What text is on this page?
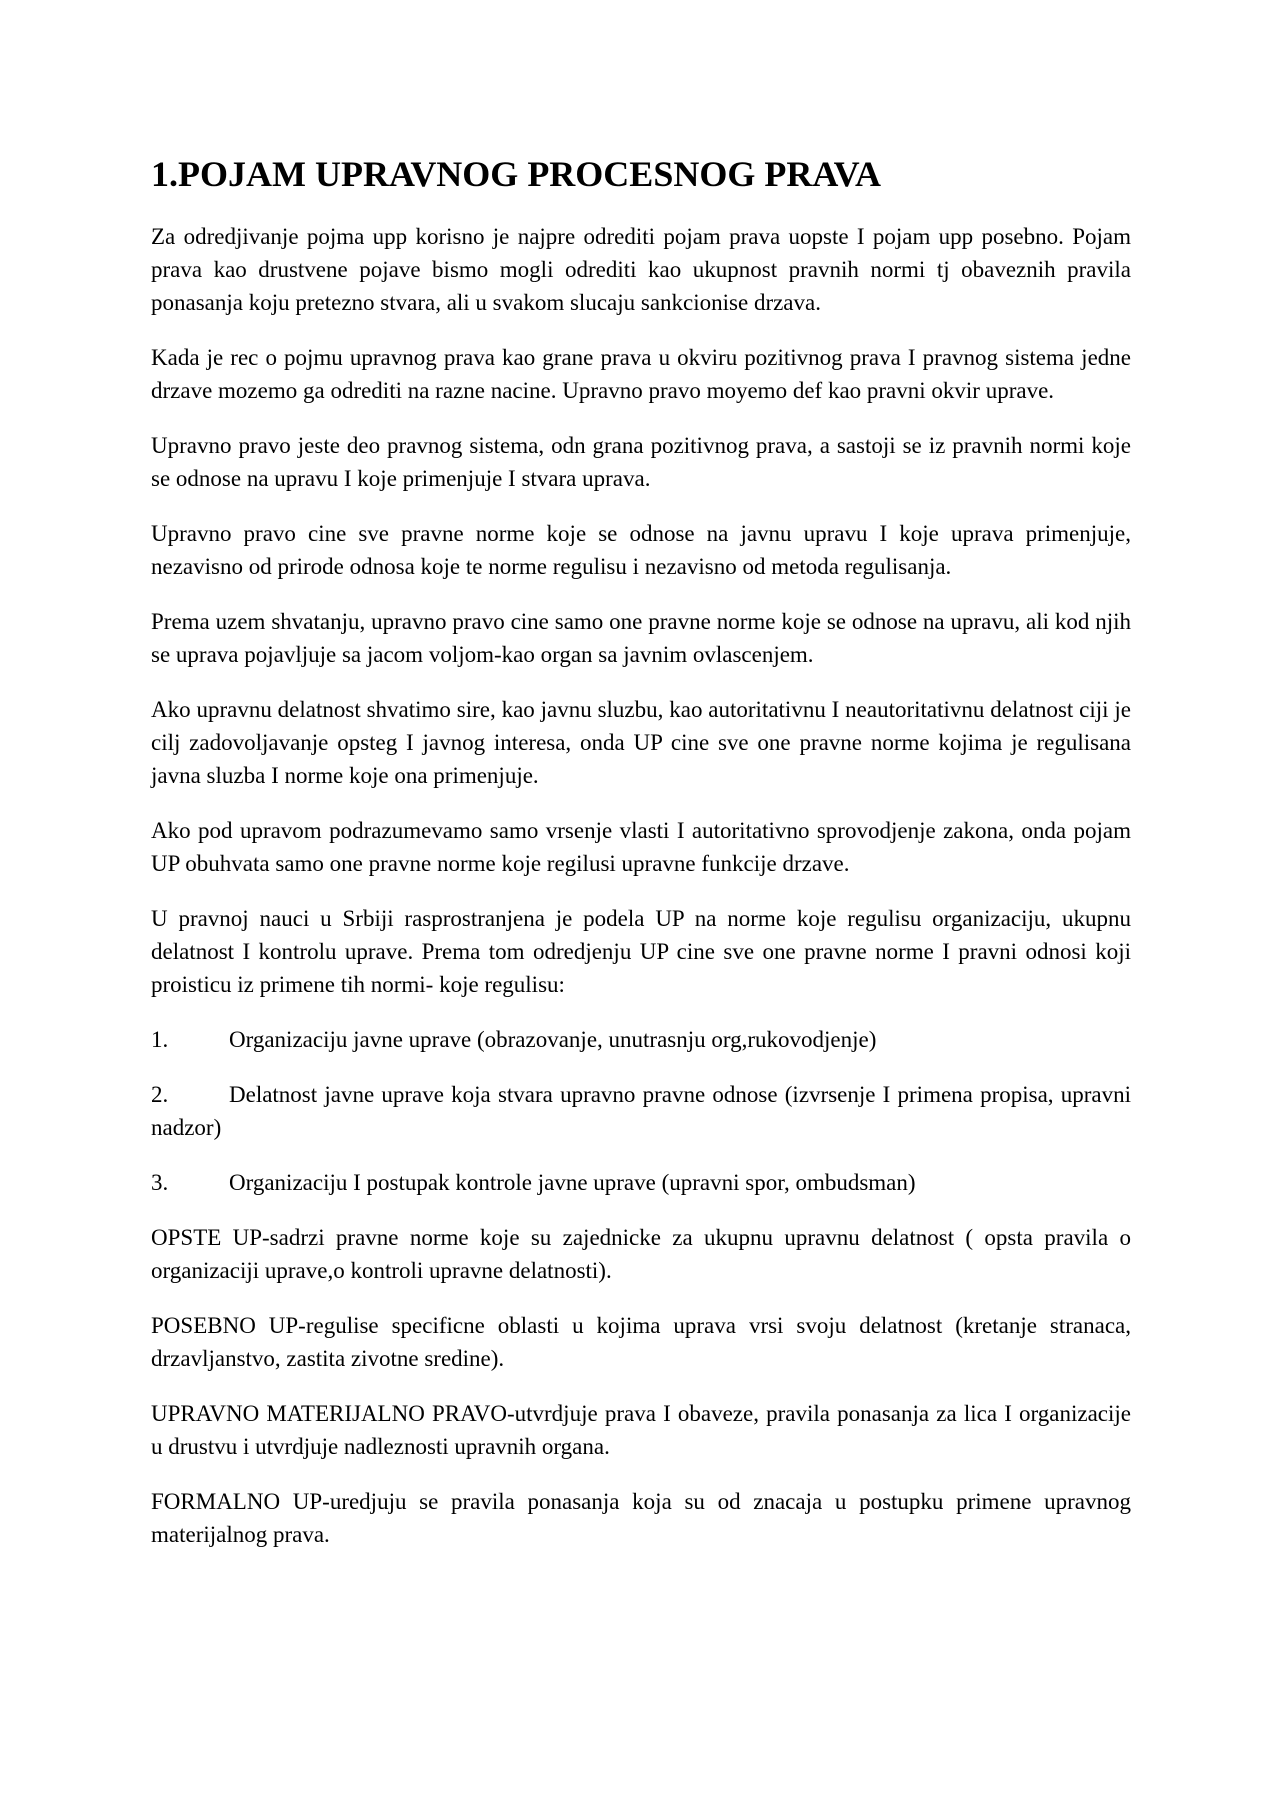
1.POJAM UPRAVNOG PROCESNOG PRAVA

Za odredjivanje pojma upp korisno je najpre odrediti pojam prava uopste I pojam upp posebno. Pojam prava kao drustvene pojave bismo mogli odrediti kao ukupnost pravnih normi tj obaveznih pravila ponasanja koju pretezno stvara, ali u svakom slucaju sankcionise drzava.

Kada je rec o pojmu upravnog prava kao grane prava u okviru pozitivnog prava I pravnog sistema jedne drzave mozemo ga odrediti na razne nacine. Upravno pravo moyemo def kao pravni okvir uprave.

Upravno pravo jeste deo pravnog sistema, odn grana pozitivnog prava, a sastoji se iz pravnih normi koje se odnose na upravu I koje primenjuje I stvara uprava.

Upravno pravo cine sve pravne norme koje se odnose na javnu upravu I koje uprava primenjuje, nezavisno od prirode odnosa koje te norme regulisu i nezavisno od metoda regulisanja.

Prema uzem shvatanju, upravno pravo cine samo one pravne norme koje se odnose na upravu, ali kod njih se uprava pojavljuje sa jacom voljom-kao organ sa javnim ovlascenjem.

Ako upravnu delatnost shvatimo sire, kao javnu sluzbu, kao autoritativnu I neautoritativnu delatnost ciji je cilj zadovoljavanje opsteg I javnog interesa, onda UP cine sve one pravne norme kojima je regulisana javna sluzba I norme koje ona primenjuje.

Ako pod upravom podrazumevamo samo vrsenje vlasti I autoritativno sprovodjenje zakona, onda pojam UP obuhvata samo one pravne norme koje regilusi upravne funkcije drzave.

U pravnoj nauci u Srbiji rasprostranjena je podela UP na norme koje regulisu organizaciju, ukupnu delatnost I kontrolu uprave. Prema tom odredjenju UP cine sve one pravne norme I pravni odnosi koji proisticu iz primene tih normi- koje regulisu:

1.	Organizaciju javne uprave (obrazovanje, unutrasnju org,rukovodjenje)

2.	Delatnost javne uprave koja stvara upravno pravne odnose (izvrsenje I primena propisa, upravni nadzor)

3.	Organizaciju I postupak kontrole javne uprave (upravni spor, ombudsman)

OPSTE UP-sadrzi pravne norme koje su zajednicke za ukupnu upravnu delatnost ( opsta pravila o organizaciji uprave,o kontroli upravne delatnosti).

POSEBNO UP-regulise specificne oblasti u kojima uprava vrsi svoju delatnost (kretanje stranaca, drzavljanstvo, zastita zivotne sredine).

UPRAVNO MATERIJALNO PRAVO-utvrdjuje prava I obaveze, pravila ponasanja za lica I organizacije u drustvu i utvrdjuje nadleznosti upravnih organa.

FORMALNO UP-uredjuju se pravila ponasanja koja su od znacaja u postupku primene upravnog materijalnog prava.
